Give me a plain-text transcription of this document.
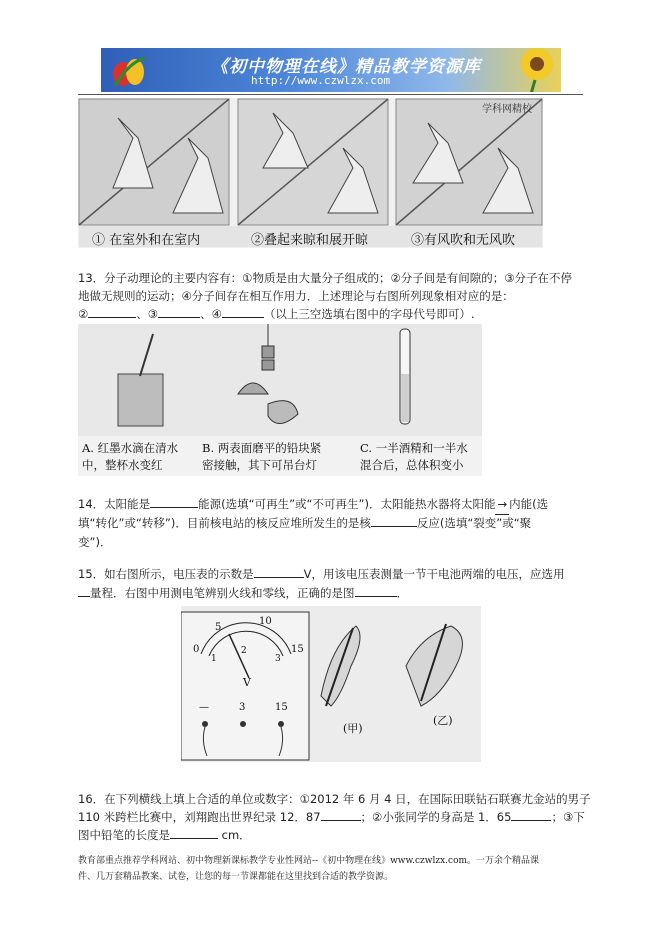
《初中物理在线》精品教学资源库
http://www.czwlzx.com
学科网精校
① 在室外和在室内	②叠起来晾和展开晾	③有风吹和无风吹
13．分子动理论的主要内容有：①物质是由大量分子组成的；②分子间是有间隙的；③分子在不停
地做无规则的运动；④分子间存在相互作用力．上述理论与右图所列现象相对应的是：
②	、③	、④	（以上三空选填右图中的字母代号即可）.
A. 红墨水滴在清水
中，整杯水变红
B. 两表面磨平的铅块紧
密接触，其下可吊台灯
C. 一半酒精和一半水
混合后，总体积变小
14．太阳能是	能源(选填“可再生”或“不可再生”)．太阳能热水器将太阳能 → 内能(选
填“转化”或“转移”)．目前核电站的核反应堆所发生的是核	反应(选填“裂变”或“聚
变”)．
15．如右图所示，电压表的示数是	V，用该电压表测量一节干电池两端的电压，应选用
量程．右图中用测电笔辨别火线和零线，正确的是图	．
5
10
0	15
1
2
3
V
—	3	15
(甲)
(乙)
16．在下列横线上填上合适的单位或数字：①2012 年 6 月 4 日，在国际田联钻石联赛尤金站的男子
110 米跨栏比赛中，刘翔跑出世界纪录 12．87	；②小张同学的身高是 1．65	；③下
图中铅笔的长度是	cm．
教育部重点推荐学科网站、初中物理新课标教学专业性网站--《初中物理在线》www.czwlzx.com。一万余个精品课
件、几万套精品教案、试卷，让您的每一节课都能在这里找到合适的教学资源。
